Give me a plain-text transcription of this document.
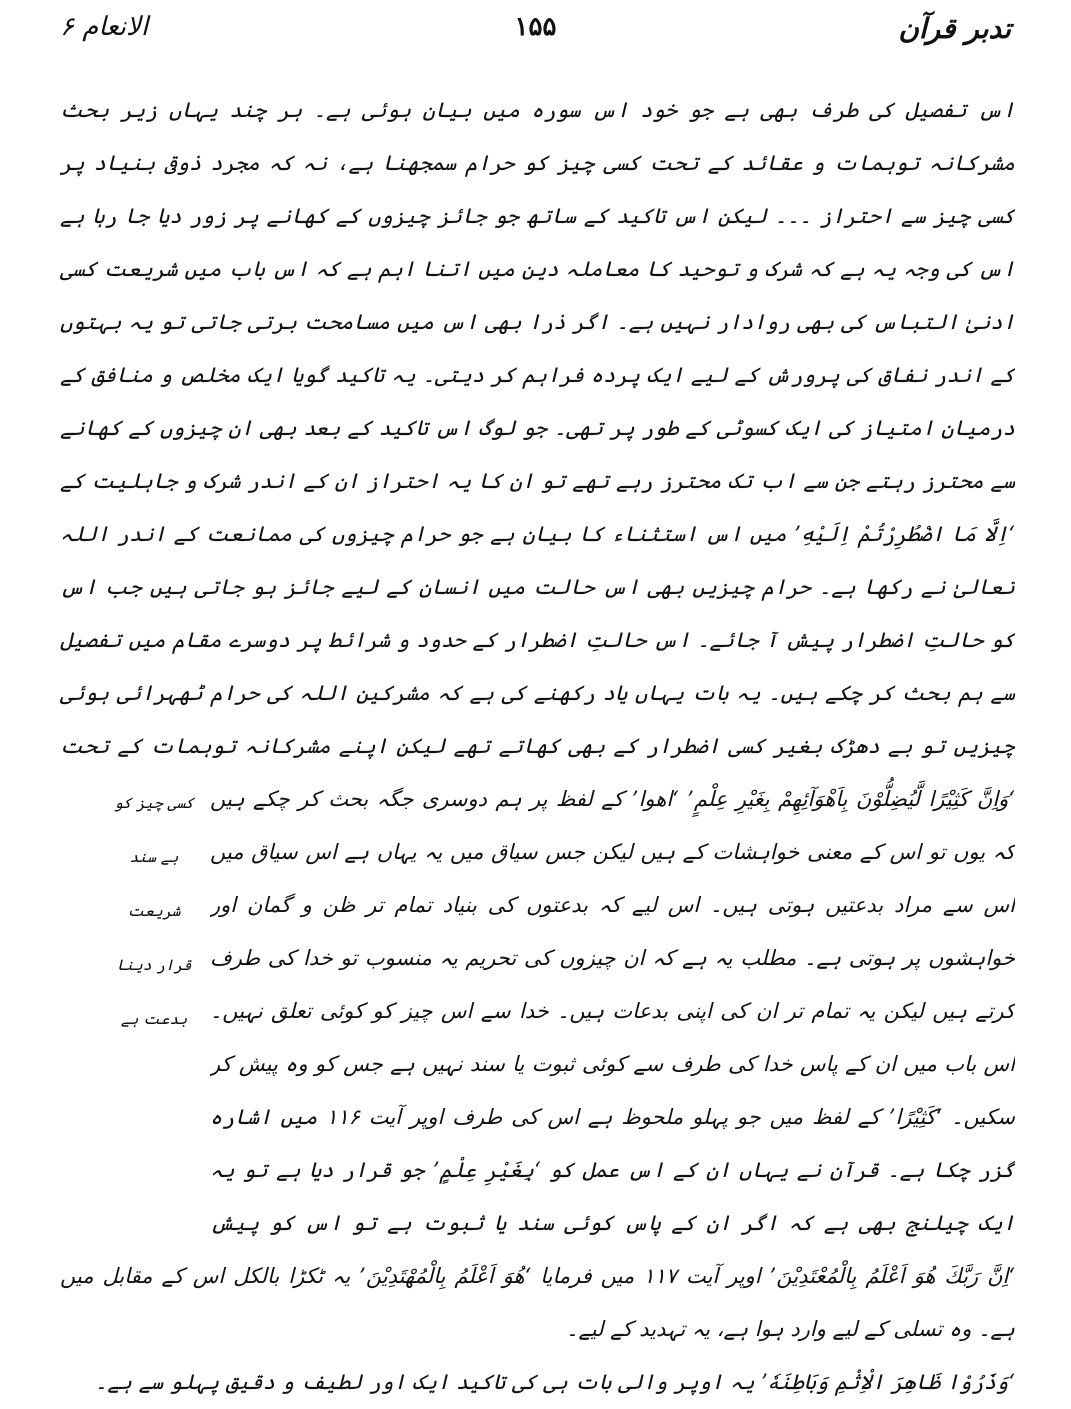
الانعام ۶	۱۵۵	تدبر قرآن

اس تفصیل کی طرف بھی ہے جو خود اس سورہ میں بیان ہوئی ہے۔ ہر چند یہاں زیر بحث مشرکانہ توہمات و عقائد کے تحت کسی چیز کو حرام سمجھنا ہے، نہ کہ مجرد ذوقی بنیاد پر کسی چیز سے احتراز ۔۔۔ لیکن اس تاکید کے ساتھ جو جائز چیزوں کے کھانے پر زور دیا جا رہا ہے اس کی وجہ یہ ہے کہ شرک و توحید کا معاملہ دین میں اتنا اہم ہے کہ اس باب میں شریعت کسی ادنیٰ التباس کی بھی روادار نہیں ہے۔ اگر ذرا بھی اس میں مسامحت برتی جاتی تو یہ بہتوں کے اندر نفاق کی پرورش کے لیے ایک پردہ فراہم کر دیتی۔ یہ تاکید گویا ایک مخلص و منافق کے درمیان امتیاز کی ایک کسوٹی کے طور پر تھی۔ جو لوگ اس تاکید کے بعد بھی ان چیزوں کے کھانے سے محترز رہتے جن سے اب تک محترز رہے تھے تو ان کا یہ احتراز ان کے اندر شرک و جاہلیت کے

‘اِلَّا مَا اضْطُرِرْتُمْ اِلَيْهِ’ میں اس استثناء کا بیان ہے جو حرام چیزوں کی ممانعت کے اندر اللہ تعالیٰ نے رکھا ہے۔ حرام چیزیں بھی اس حالت میں انسان کے لیے جائز ہو جاتی ہیں جب اس کو حالتِ اضطرار پیش آ جائے۔ اس حالتِ اضطرار کے حدود و شرائط پر دوسرے مقام میں تفصیل سے ہم بحث کر چکے ہیں۔ یہ بات یہاں یاد رکھنے کی ہے کہ مشرکین اللہ کی حرام ٹھہرائی ہوئی چیزیں تو بے دھڑک بغیر کسی اضطرار کے بھی کھاتے تھے لیکن اپنے مشرکانہ توہمات کے تحت

‘وَاِنَّ كَثِيْرًا لَّيُضِلُّوْنَ بِاَهْوَآئِهِمْ بِغَيْرِ عِلْمٍ’ ‘اھوا’ کے لفظ پر ہم دوسری جگہ بحث کر چکے ہیں کہ یوں تو اس کے معنی خواہشات کے ہیں لیکن جس سیاق میں یہ یہاں ہے اس سیاق میں اس سے مراد بدعتیں ہوتی ہیں۔ اس لیے کہ بدعتوں کی بنیاد تمام تر ظن و گمان اور خواہشوں پر ہوتی ہے۔ مطلب یہ ہے کہ ان چیزوں کی تحریم یہ منسوب تو خدا کی طرف کرتے ہیں لیکن یہ تمام تر ان کی اپنی بدعات ہیں۔ خدا سے اس چیز کو کوئی تعلق نہیں۔ اس باب میں ان کے پاس خدا کی طرف سے کوئی ثبوت یا سند نہیں ہے جس کو وہ پیش کر سکیں۔ ‘كَثِيْرًا’ کے لفظ میں جو پہلو ملحوظ ہے اس کی طرف اوپر آیت ۱۱۶ میں اشارہ گزر چکا ہے۔ قرآن نے یہاں ان کے اس عمل کو ‘بِغَيْرِ عِلْمٍ’ جو قرار دیا ہے تو یہ ایک چیلنج بھی ہے کہ اگر ان کے پاس کوئی سند یا ثبوت ہے تو اس کو پیش

‘اِنَّ رَبَّكَ هُوَ اَعْلَمُ بِالْمُعْتَدِيْنَ’ اوپر آیت ۱۱۷ میں فرمایا ‘هُوَ اَعْلَمُ بِالْمُهْتَدِيْنَ’ یہ ٹکڑا بالکل اس کے مقابل میں ہے۔ وہ تسلی کے لیے وارد ہوا ہے، یہ تہدید کے لیے۔

‘وَذَرُوْا ظَاهِرَ الْاِثْمِ وَبَاطِنَهٗ’ یہ اوپر والی بات ہی کی تاکید ایک اور لطیف و دقیق پہلو سے ہے۔

کسی چیز کو بے سند شریعت قرار دینا بدعت ہے
